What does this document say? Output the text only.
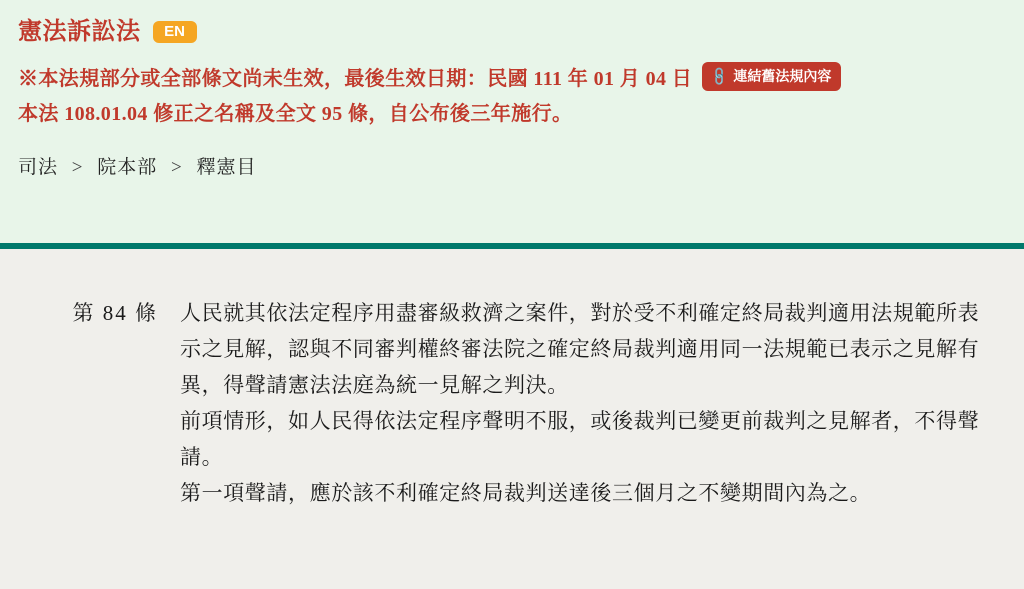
憲法訴訟法	EN
※本法規部分或全部條文尚未生效，最後生效日期：民國 111 年 01 月 04 日 🔗 連結舊法規內容
本法 108.01.04 修正之名稱及全文 95 條，自公布後三年施行。
司法 > 院本部 > 釋憲目
第 84 條	人民就其依法定程序用盡審級救濟之案件，對於受不利確定終局裁判適用法規範所表示之見解，認與不同審判權終審法院之確定終局裁判適用同一法規範已表示之見解有異，得聲請憲法法庭為統一見解之判決。

前項情形，如人民得依法定程序聲明不服，或後裁判已變更前裁判之見解者，不得聲請。

第一項聲請，應於該不利確定終局裁判送達後三個月之不變期間內為之。
